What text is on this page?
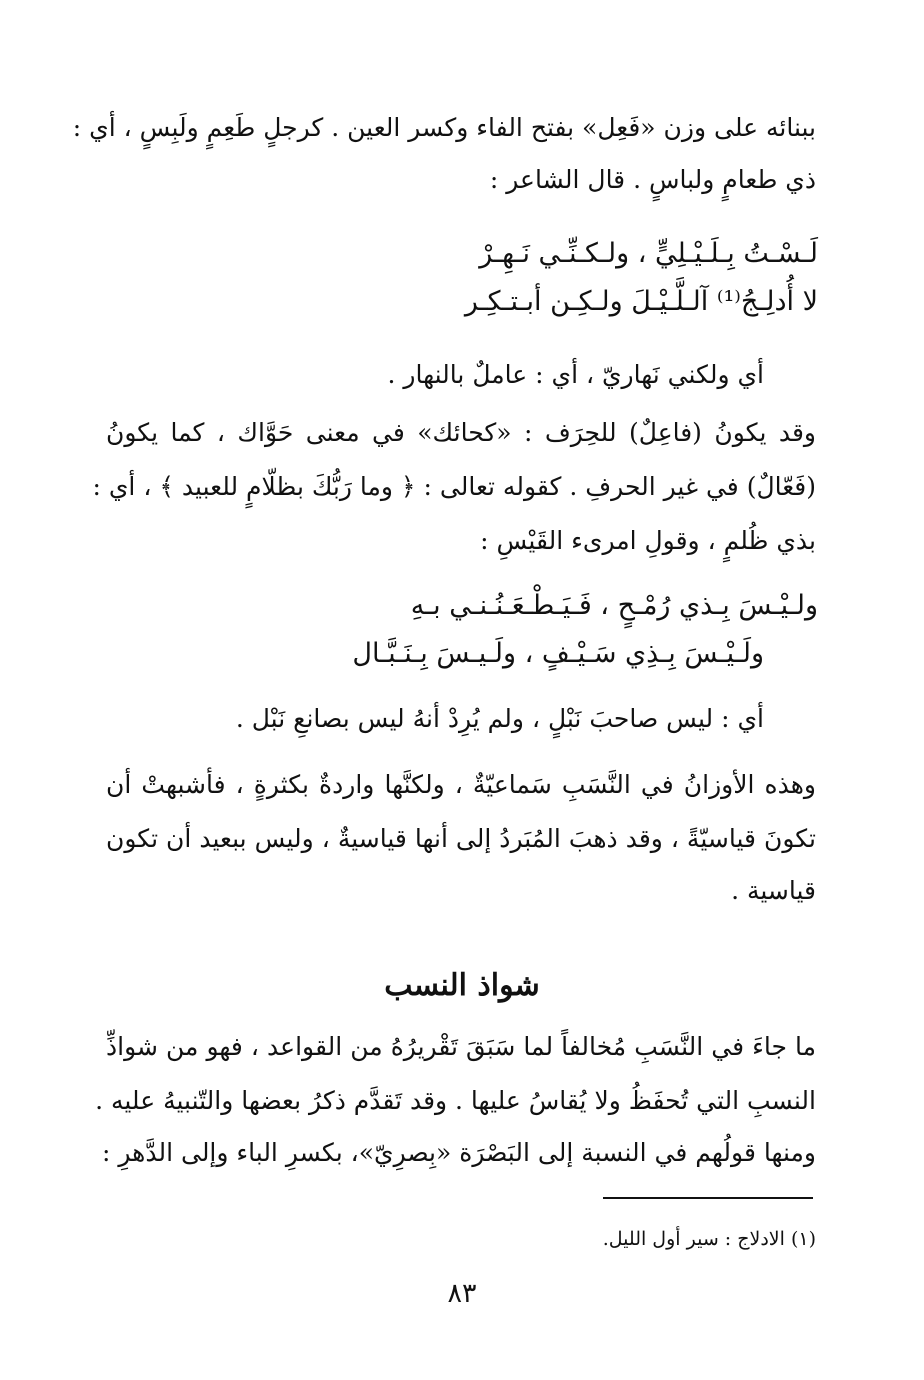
ببنائه على وزن «فَعِل» بفتح الفاء وكسر العين . كرجلٍ طَعِمٍ ولَبِسٍ ، أي :
ذي طعامٍ ولباسٍ . قال الشاعر :
لَـسْـتُ بِـلَـيْـلِيٍّ ، ولـكـنِّـي نَـهِـرْ
لا أُدلِـجُ⁽¹⁾ آلـلَّـيْـلَ ولـكِـن أبـتـكِـر
أي ولكني نَهاريّ ، أي : عاملٌ بالنهار .
وقد يكونُ (فاعِلٌ) للحِرَف : «كحائك» في معنى حَوَّاك ، كما يكونُ
(فَعّالٌ) في غير الحرفِ . كقوله تعالى : ﴿ وما رَبُّكَ بظلّامٍ للعبيد ﴾ ، أي :
بذي ظُلمٍ ، وقولِ امرىء القَيْسِ :
ولـيْـسَ بِـذي رُمْـحٍ ، فَـيَـطْـعَـنُـنـي بـهِ
ولَـيْـسَ بِـذِي سَـيْـفٍ ، ولَـيـسَ بِـنَـبَّـال
أي : ليس صاحبَ نَبْلٍ ، ولم يُرِدْ أنهُ ليس بصانعِ نَبْل .
وهذه الأوزانُ في النَّسَبِ سَماعيّةٌ ، ولكنَّها واردةٌ بكثرةٍ ، فأشبهتْ أن
تكونَ قياسيّةً ، وقد ذهبَ المُبَردُ إلى أنها قياسيةٌ ، وليس ببعيد أن تكون
قياسية .
شواذ النسب
ما جاءَ في النَّسَبِ مُخالفاً لما سَبَقَ تَقْريرُهُ من القواعد ، فهو من شواذِّ
النسبِ التي تُحفَظُ ولا يُقاسُ عليها . وقد تَقدَّم ذكرُ بعضها والتّنبيهُ عليه .
ومنها قولُهم في النسبة إلى البَصْرَة «بِصرِيّ»، بكسرِ الباء وإلى الدَّهرِ :
(١) الادلاج : سير أول الليل.
٨٣
